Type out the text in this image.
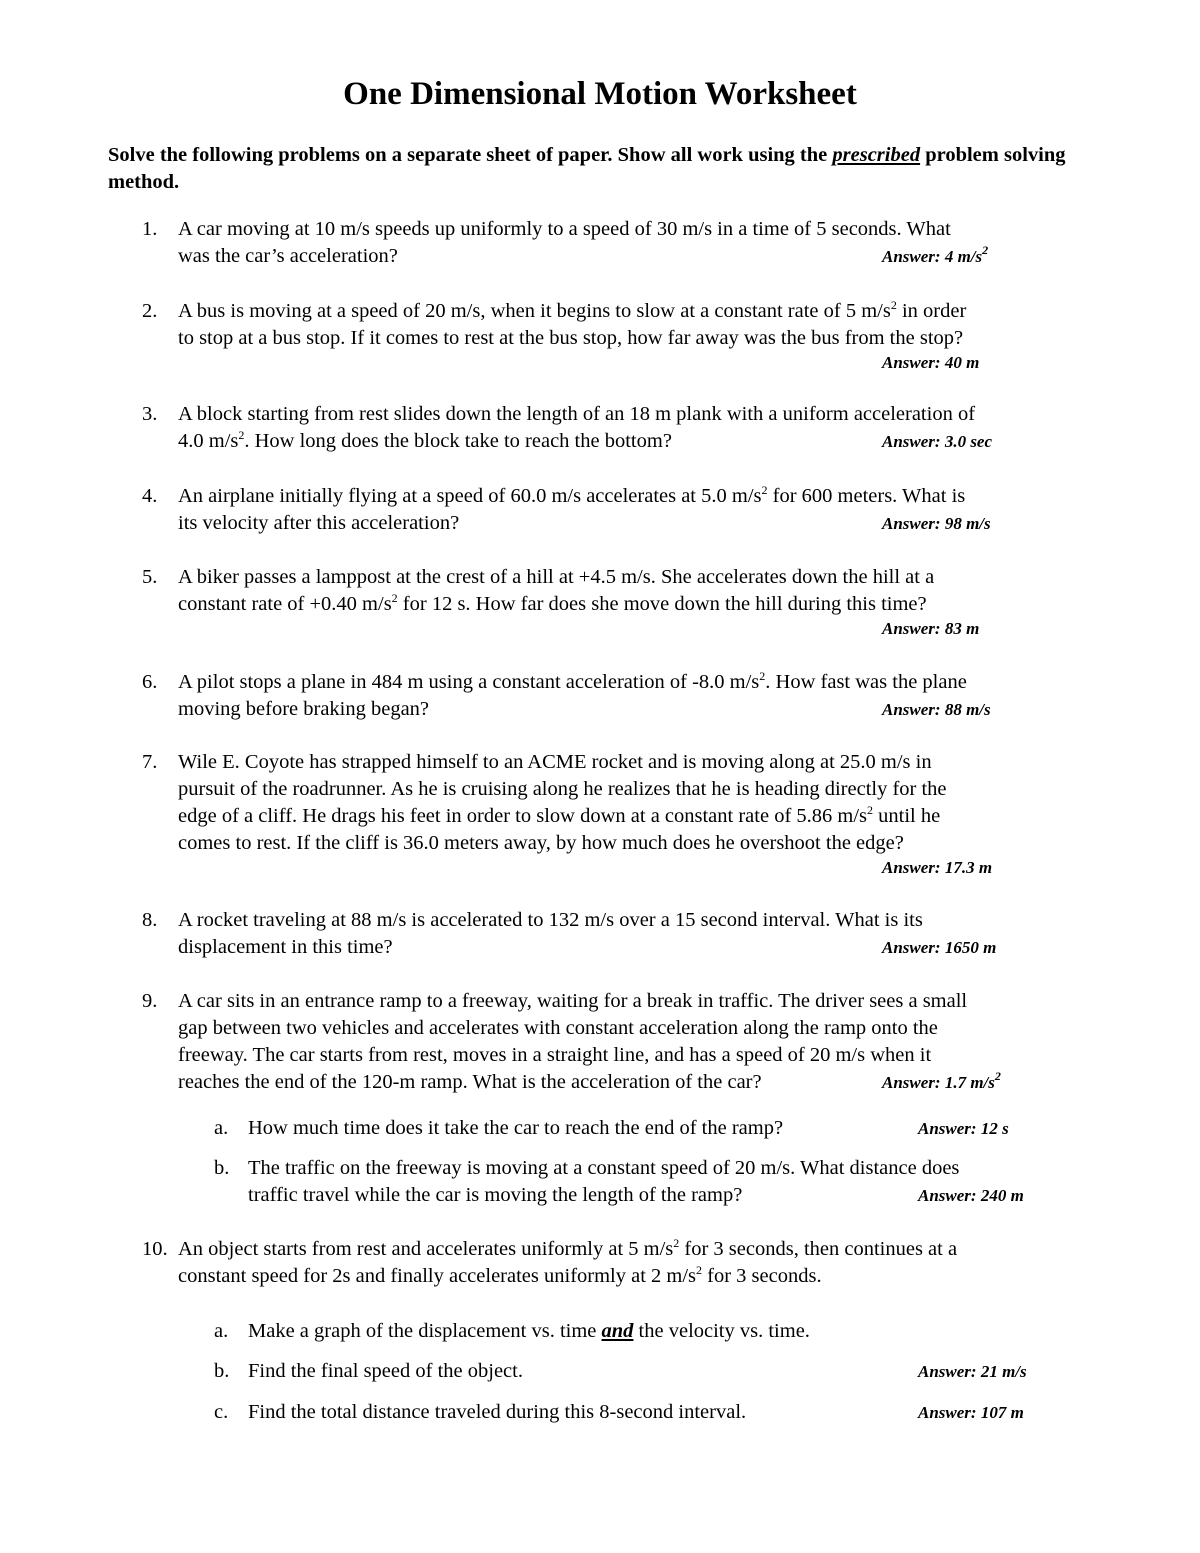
One Dimensional Motion Worksheet
Solve the following problems on a separate sheet of paper. Show all work using the prescribed problem solving method.
1.	A car moving at 10 m/s speeds up uniformly to a speed of 30 m/s in a time of 5 seconds. What
was the car’s acceleration?	Answer: 4 $m/s^2$
2.	A bus is moving at a speed of 20 m/s, when it begins to slow at a constant rate of 5 $m/s^2$ in order
to stop at a bus stop. If it comes to rest at the bus stop, how far away was the bus from the stop?
Answer: 40 m
3.	A block starting from rest slides down the length of an 18 m plank with a uniform acceleration of
4.0 $m/s^2$. How long does the block take to reach the bottom?	Answer: 3.0 sec
4.	An airplane initially flying at a speed of 60.0 m/s accelerates at 5.0 $m/s^2$ for 600 meters. What is
its velocity after this acceleration?	Answer: 98 m/s
5.	A biker passes a lamppost at the crest of a hill at +4.5 m/s. She accelerates down the hill at a
constant rate of +0.40 $m/s^2$ for 12 s. How far does she move down the hill during this time?
Answer: 83 m
6.	A pilot stops a plane in 484 m using a constant acceleration of -8.0 $m/s^2$. How fast was the plane
moving before braking began?	Answer: 88 m/s
7.	Wile E. Coyote has strapped himself to an ACME rocket and is moving along at 25.0 m/s in
pursuit of the roadrunner. As he is cruising along he realizes that he is heading directly for the
edge of a cliff. He drags his feet in order to slow down at a constant rate of 5.86 $m/s^2$ until he
comes to rest. If the cliff is 36.0 meters away, by how much does he overshoot the edge?
Answer: 17.3 m
8.	A rocket traveling at 88 m/s is accelerated to 132 m/s over a 15 second interval. What is its
displacement in this time?	Answer: 1650 m
9.	A car sits in an entrance ramp to a freeway, waiting for a break in traffic. The driver sees a small
gap between two vehicles and accelerates with constant acceleration along the ramp onto the
freeway. The car starts from rest, moves in a straight line, and has a speed of 20 m/s when it
reaches the end of the 120-m ramp. What is the acceleration of the car?	Answer: 1.7 $m/s^2$
a. How much time does it take the car to reach the end of the ramp?	Answer: 12 s
b. The traffic on the freeway is moving at a constant speed of 20 m/s. What distance does
traffic travel while the car is moving the length of the ramp?	Answer: 240 m
10. An object starts from rest and accelerates uniformly at 5 $m/s^2$ for 3 seconds, then continues at a
constant speed for 2s and finally accelerates uniformly at 2 $m/s^2$ for 3 seconds.
a. Make a graph of the displacement vs. time and the velocity vs. time.
b. Find the final speed of the object.	Answer: 21 m/s
c. Find the total distance traveled during this 8-second interval.	Answer: 107 m
